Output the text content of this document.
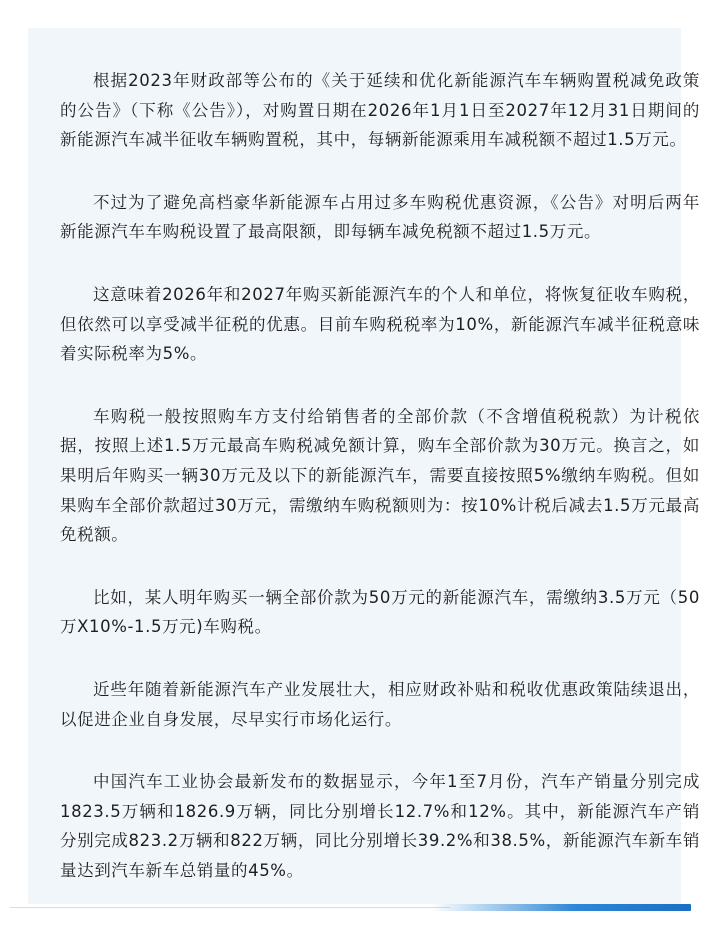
根据2023年财政部等公布的《关于延续和优化新能源汽车车辆购置税减免政策的公告》（下称《公告》），对购置日期在2026年1月1日至2027年12月31日期间的新能源汽车减半征收车辆购置税，其中，每辆新能源乘用车减税额不超过1.5万元。

不过为了避免高档豪华新能源车占用过多车购税优惠资源，《公告》对明后两年新能源汽车车购税设置了最高限额，即每辆车减免税额不超过1.5万元。

这意味着2026年和2027年购买新能源汽车的个人和单位，将恢复征收车购税，但依然可以享受减半征税的优惠。目前车购税税率为10%，新能源汽车减半征税意味着实际税率为5%。

车购税一般按照购车方支付给销售者的全部价款（不含增值税税款）为计税依据，按照上述1.5万元最高车购税减免额计算，购车全部价款为30万元。换言之，如果明后年购买一辆30万元及以下的新能源汽车，需要直接按照5%缴纳车购税。但如果购车全部价款超过30万元，需缴纳车购税额则为：按10%计税后减去1.5万元最高免税额。

比如，某人明年购买一辆全部价款为50万元的新能源汽车，需缴纳3.5万元（50万X10%-1.5万元)车购税。

近些年随着新能源汽车产业发展壮大，相应财政补贴和税收优惠政策陆续退出，以促进企业自身发展，尽早实行市场化运行。

中国汽车工业协会最新发布的数据显示，今年1至7月份，汽车产销量分别完成1823.5万辆和1826.9万辆，同比分别增长12.7%和12%。其中，新能源汽车产销分别完成823.2万辆和822万辆，同比分别增长39.2%和38.5%，新能源汽车新车销量达到汽车新车总销量的45%。
